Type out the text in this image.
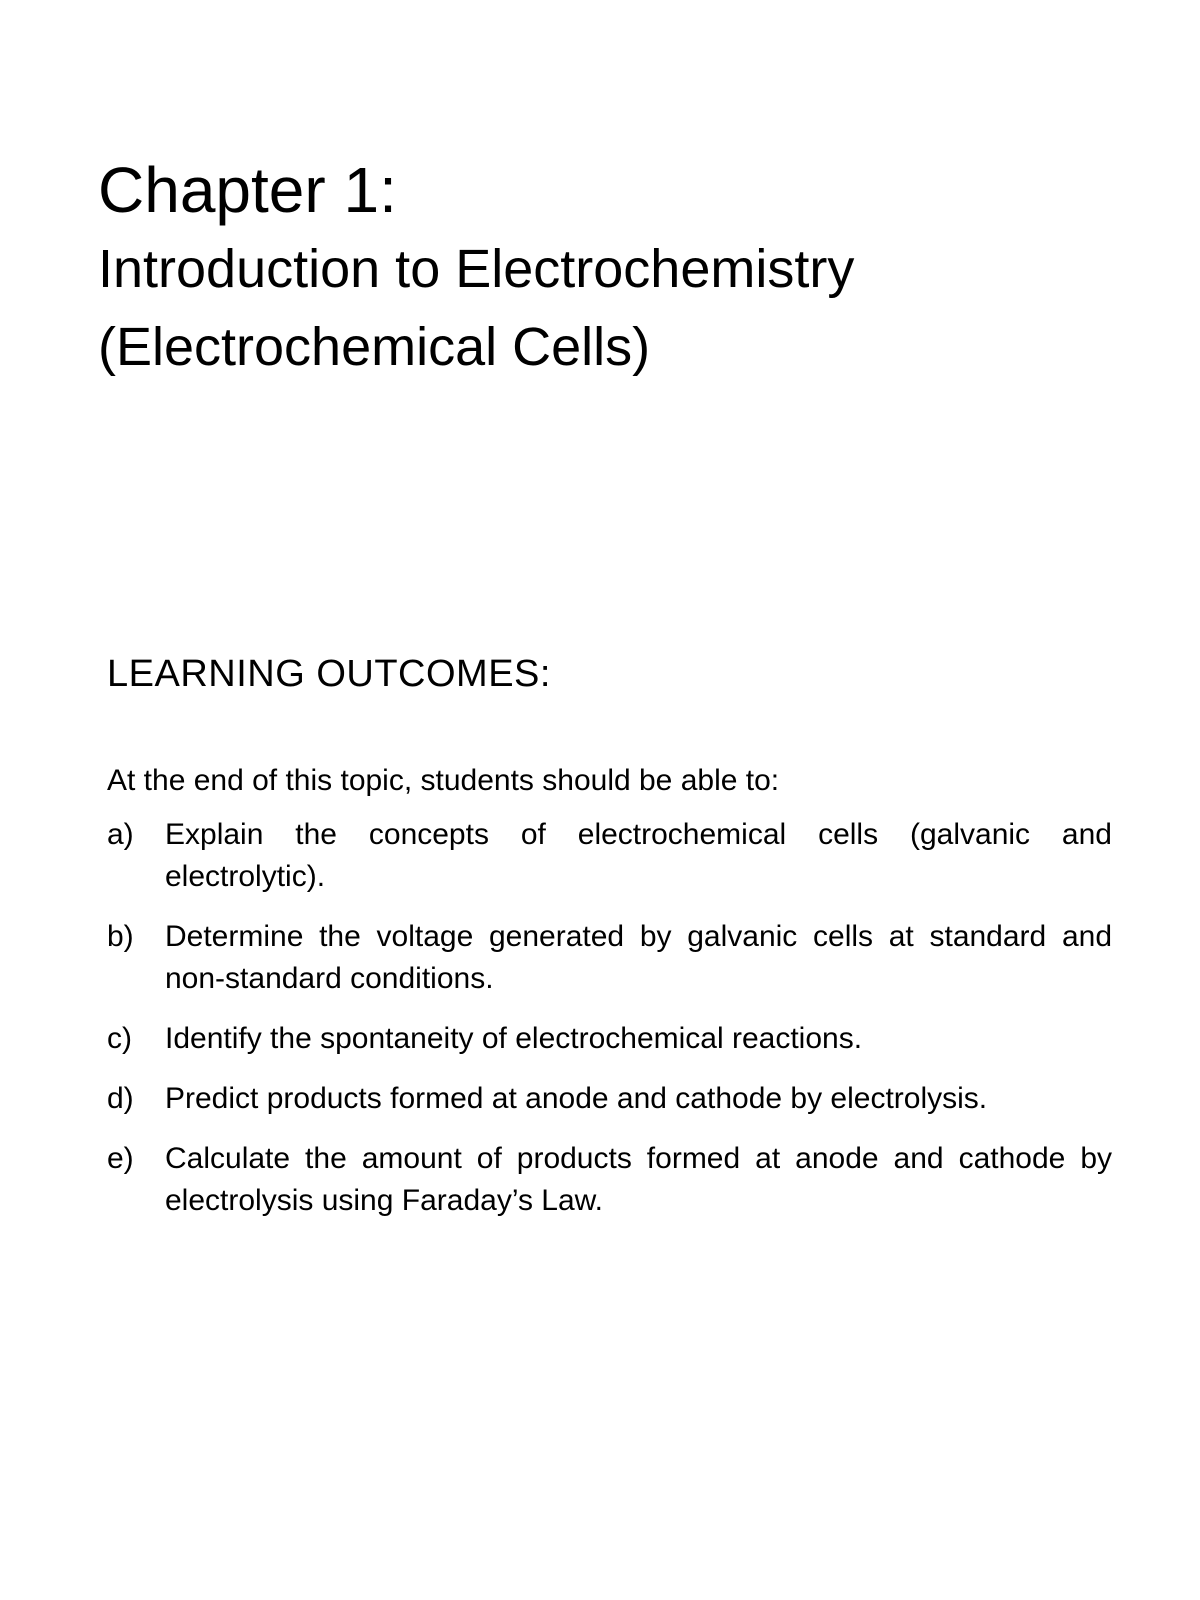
Chapter 1:
Introduction to Electrochemistry
(Electrochemical Cells)
LEARNING OUTCOMES:
At the end of this topic, students should be able to:
a)	Explain the concepts of electrochemical cells (galvanic and electrolytic).
b)	Determine the voltage generated by galvanic cells at standard and non-standard conditions.
c)	Identify the spontaneity of electrochemical reactions.
d)	Predict products formed at anode and cathode by electrolysis.
e)	Calculate the amount of products formed at anode and cathode by electrolysis using Faraday’s Law.
